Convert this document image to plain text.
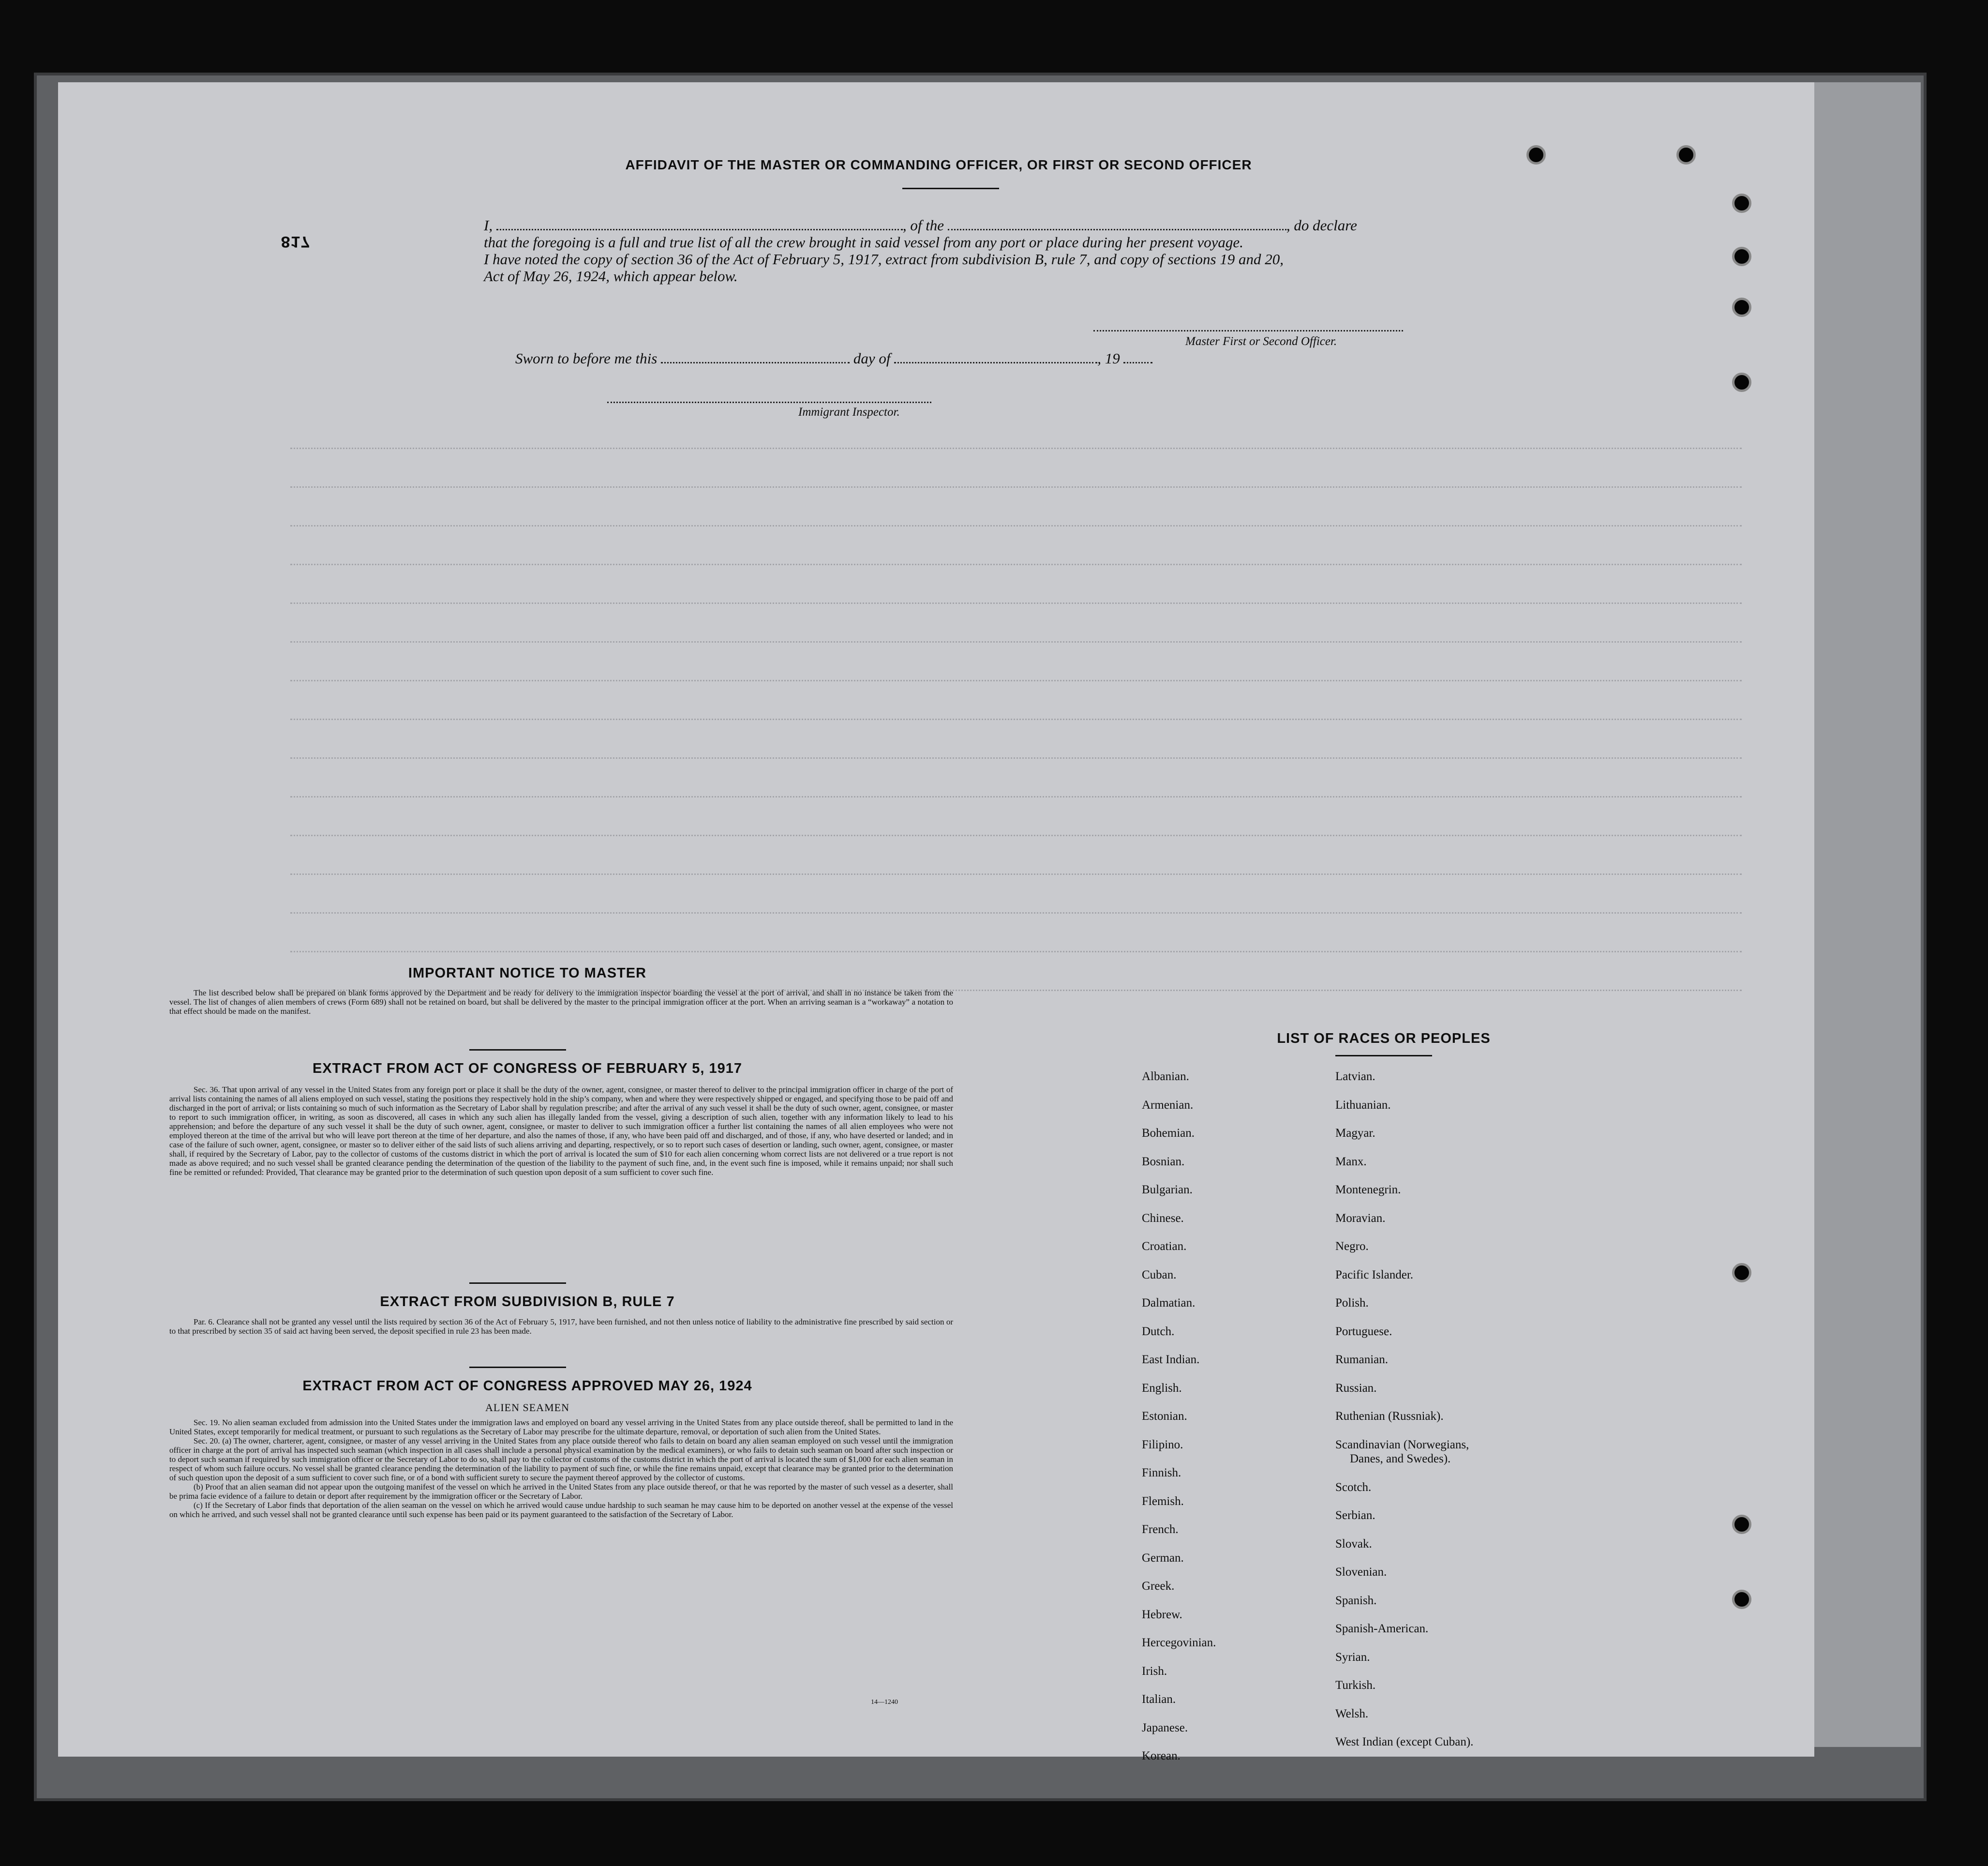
AFFIDAVIT OF THE MASTER OR COMMANDING OFFICER, OR FIRST OR SECOND OFFICER
817
I,	, of the	, do declare
that the foregoing is a full and true list of all the crew brought in said vessel from any port or place during her present voyage.
I have noted the copy of section 36 of the Act of February 5, 1917, extract from subdivision B, rule 7, and copy of sections 19 and 20,
Act of May 26, 1924, which appear below.
Master First or Second Officer.
Sworn to before me this	day of	, 19
Immigrant Inspector.
IMPORTANT NOTICE TO MASTER

The list described below shall be prepared on blank forms approved by the Department and be ready for delivery to the immigration inspector boarding the vessel at the port of arrival, and shall in no instance be taken from the vessel. The list of changes of alien members of crews (Form 689) shall not be retained on board, but shall be delivered by the master to the principal immigration officer at the port. When an arriving seaman is a “workaway” a notation to that effect should be made on the manifest.

EXTRACT FROM ACT OF CONGRESS OF FEBRUARY 5, 1917

Sec. 36. That upon arrival of any vessel in the United States from any foreign port or place it shall be the duty of the owner, agent, consignee, or master thereof to deliver to the principal immigration officer in charge of the port of arrival lists containing the names of all aliens employed on such vessel, stating the positions they respectively hold in the ship’s company, when and where they were respectively shipped or engaged, and specifying those to be paid off and discharged in the port of arrival; or lists containing so much of such information as the Secretary of Labor shall by regulation prescribe; and after the arrival of any such vessel it shall be the duty of such owner, agent, consignee, or master to report to such immigration officer, in writing, as soon as discovered, all cases in which any such alien has illegally landed from the vessel, giving a description of such alien, together with any information likely to lead to his apprehension; and before the departure of any such vessel it shall be the duty of such owner, agent, consignee, or master to deliver to such immigration officer a further list containing the names of all alien employees who were not employed thereon at the time of the arrival but who will leave port thereon at the time of her departure, and also the names of those, if any, who have been paid off and discharged, and of those, if any, who have deserted or landed; and in case of the failure of such owner, agent, consignee, or master so to deliver either of the said lists of such aliens arriving and departing, respectively, or so to report such cases of desertion or landing, such owner, agent, consignee, or master shall, if required by the Secretary of Labor, pay to the collector of customs of the customs district in which the port of arrival is located the sum of $10 for each alien concerning whom correct lists are not delivered or a true report is not made as above required; and no such vessel shall be granted clearance pending the determination of the question of the liability to the payment of such fine, and, in the event such fine is imposed, while it remains unpaid; nor shall such fine be remitted or refunded: Provided, That clearance may be granted prior to the determination of such question upon deposit of a sum sufficient to cover such fine.

EXTRACT FROM SUBDIVISION B, RULE 7

Par. 6. Clearance shall not be granted any vessel until the lists required by section 36 of the Act of February 5, 1917, have been furnished, and not then unless notice of liability to the administrative fine prescribed by said section or to that prescribed by section 35 of said act having been served, the deposit specified in rule 23 has been made.

EXTRACT FROM ACT OF CONGRESS APPROVED MAY 26, 1924
ALIEN SEAMEN

Sec. 19. No alien seaman excluded from admission into the United States under the immigration laws and employed on board any vessel arriving in the United States from any place outside thereof, shall be permitted to land in the United States, except temporarily for medical treatment, or pursuant to such regulations as the Secretary of Labor may prescribe for the ultimate departure, removal, or deportation of such alien from the United States.

Sec. 20. (a) The owner, charterer, agent, consignee, or master of any vessel arriving in the United States from any place outside thereof who fails to detain on board any alien seaman employed on such vessel until the immigration officer in charge at the port of arrival has inspected such seaman (which inspection in all cases shall include a personal physical examination by the medical examiners), or who fails to detain such seaman on board after such inspection or to deport such seaman if required by such immigration officer or the Secretary of Labor to do so, shall pay to the collector of customs of the customs district in which the port of arrival is located the sum of $1,000 for each alien seaman in respect of whom such failure occurs. No vessel shall be granted clearance pending the determination of the liability to payment of such fine, or while the fine remains unpaid, except that clearance may be granted prior to the determination of such question upon the deposit of a sum sufficient to cover such fine, or of a bond with sufficient surety to secure the payment thereof approved by the collector of customs.

(b) Proof that an alien seaman did not appear upon the outgoing manifest of the vessel on which he arrived in the United States from any place outside thereof, or that he was reported by the master of such vessel as a deserter, shall be prima facie evidence of a failure to detain or deport after requirement by the immigration officer or the Secretary of Labor.

(c) If the Secretary of Labor finds that deportation of the alien seaman on the vessel on which he arrived would cause undue hardship to such seaman he may cause him to be deported on another vessel at the expense of the vessel on which he arrived, and such vessel shall not be granted clearance until such expense has been paid or its payment guaranteed to the satisfaction of the Secretary of Labor.

14—1240
LIST OF RACES OR PEOPLES
Albanian.
Armenian.
Bohemian.
Bosnian.
Bulgarian.
Chinese.
Croatian.
Cuban.
Dalmatian.
Dutch.
East Indian.
English.
Estonian.
Filipino.
Finnish.
Flemish.
French.
German.
Greek.
Hebrew.
Hercegovinian.
Irish.
Italian.
Japanese.
Korean.
Latvian.
Lithuanian.
Magyar.
Manx.
Montenegrin.
Moravian.
Negro.
Pacific Islander.
Polish.
Portuguese.
Rumanian.
Russian.
Ruthenian (Russniak).
Scandinavian (Norwegians,
Danes, and Swedes).
Scotch.
Serbian.
Slovak.
Slovenian.
Spanish.
Spanish-American.
Syrian.
Turkish.
Welsh.
West Indian (except Cuban).
